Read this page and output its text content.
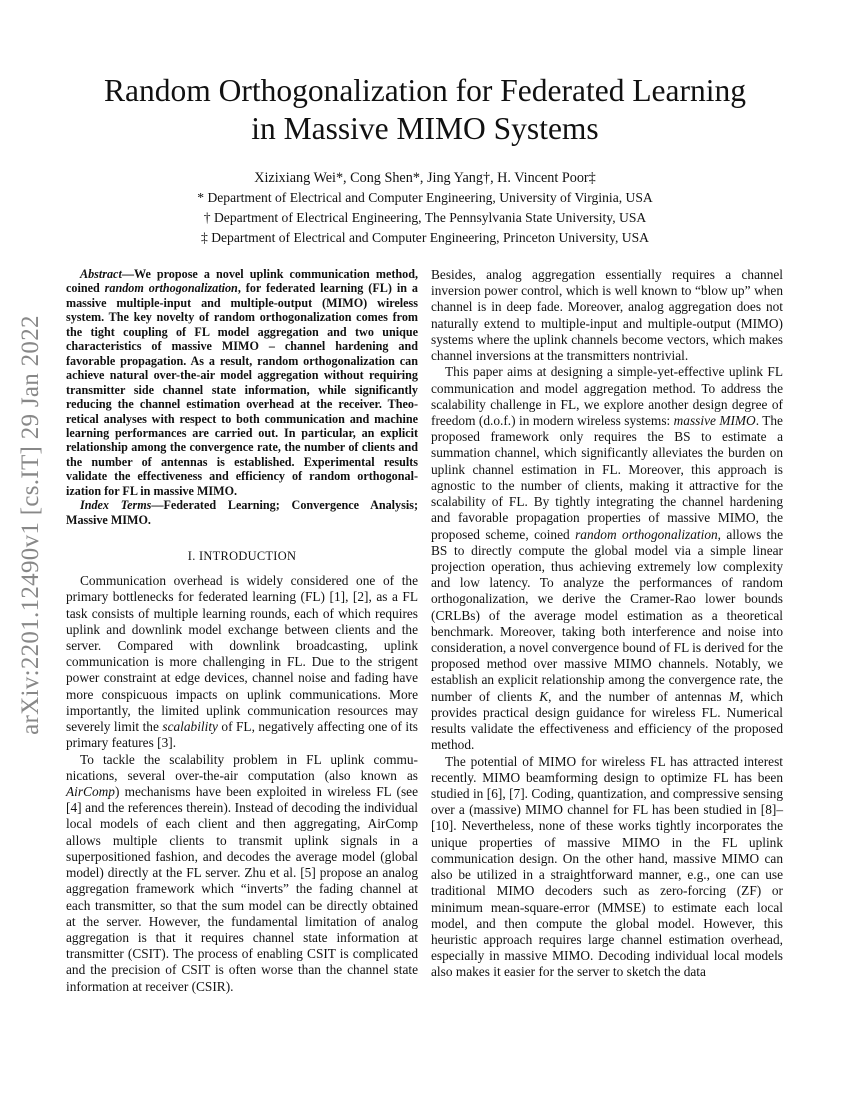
arXiv:2201.12490v1 [cs.IT] 29 Jan 2022
Random Orthogonalization for Federated Learning
in Massive MIMO Systems
Xizixiang Wei*, Cong Shen*, Jing Yang†, H. Vincent Poor‡
* Department of Electrical and Computer Engineering, University of Virginia, USA
† Department of Electrical Engineering, The Pennsylvania State University, USA
‡ Department of Electrical and Computer Engineering, Princeton University, USA

Abstract—We propose a novel uplink communication method, coined random orthogonalization, for federated learning (FL) in a massive multiple-input and multiple-output (MIMO) wireless system. The key novelty of random orthogonalization comes from the tight coupling of FL model aggregation and two unique characteristics of massive MIMO – channel hardening and favorable propagation. As a result, random orthogonalization can achieve natural over-the-air model aggregation without requiring transmitter side channel state information, while significantly reducing the channel estimation overhead at the receiver. Theoretical analyses with respect to both communication and machine learning performances are carried out. In particular, an explicit relationship among the convergence rate, the number of clients and the number of antennas is established. Experimental results validate the effectiveness and efficiency of random orthogonalization for FL in massive MIMO.

Index Terms—Federated Learning; Convergence Analysis; Massive MIMO.

I. INTRODUCTION

Communication overhead is widely considered one of the primary bottlenecks for federated learning (FL) [1], [2], as a FL task consists of multiple learning rounds, each of which requires uplink and downlink model exchange between clients and the server. Compared with downlink broadcasting, uplink communication is more challenging in FL. Due to the strigent power constraint at edge devices, channel noise and fading have more conspicuous impacts on uplink communications. More importantly, the limited uplink communication resources may severely limit the scalability of FL, negatively affecting one of its primary features [3].

To tackle the scalability problem in FL uplink communications, several over-the-air computation (also known as AirComp) mechanisms have been exploited in wireless FL (see [4] and the references therein). Instead of decoding the individual local models of each client and then aggregating, AirComp allows multiple clients to transmit uplink signals in a superpositioned fashion, and decodes the average model (global model) directly at the FL server. Zhu et al. [5] propose an analog aggregation framework which “inverts” the fading channel at each transmitter, so that the sum model can be directly obtained at the server. However, the fundamental limitation of analog aggregation is that it requires channel state information at transmitter (CSIT). The process of enabling CSIT is complicated and the precision of CSIT is often worse than the channel state information at receiver (CSIR).

Besides, analog aggregation essentially requires a channel inversion power control, which is well known to “blow up” when channel is in deep fade. Moreover, analog aggregation does not naturally extend to multiple-input and multiple-output (MIMO) systems where the uplink channels become vectors, which makes channel inversions at the transmitters nontrivial.

This paper aims at designing a simple-yet-effective uplink FL communication and model aggregation method. To address the scalability challenge in FL, we explore another design degree of freedom (d.o.f.) in modern wireless systems: massive MIMO. The proposed framework only requires the BS to estimate a summation channel, which significantly alleviates the burden on uplink channel estimation in FL. Moreover, this approach is agnostic to the number of clients, making it attractive for the scalability of FL. By tightly integrating the channel hardening and favorable propagation properties of massive MIMO, the proposed scheme, coined random orthogonalization, allows the BS to directly compute the global model via a simple linear projection operation, thus achieving extremely low complexity and low latency. To analyze the performances of random orthogonalization, we derive the Cramer-Rao lower bounds (CRLBs) of the average model estimation as a theoretical benchmark. Moreover, taking both interference and noise into consideration, a novel convergence bound of FL is derived for the proposed method over massive MIMO channels. Notably, we establish an explicit relationship among the convergence rate, the number of clients K, and the number of antennas M, which provides practical design guidance for wireless FL. Numerical results validate the effectiveness and efficiency of the proposed method.

The potential of MIMO for wireless FL has attracted interest recently. MIMO beamforming design to optimize FL has been studied in [6], [7]. Coding, quantization, and compressive sensing over a (massive) MIMO channel for FL has been studied in [8]–[10]. Nevertheless, none of these works tightly incorporates the unique properties of massive MIMO in the FL uplink communication design. On the other hand, massive MIMO can also be utilized in a straightforward manner, e.g., one can use traditional MIMO decoders such as zero-forcing (ZF) or minimum mean-square-error (MMSE) to estimate each local model, and then compute the global model. However, this heuristic approach requires large channel estimation overhead, especially in massive MIMO. Decoding individual local models also makes it easier for the server to sketch the data
